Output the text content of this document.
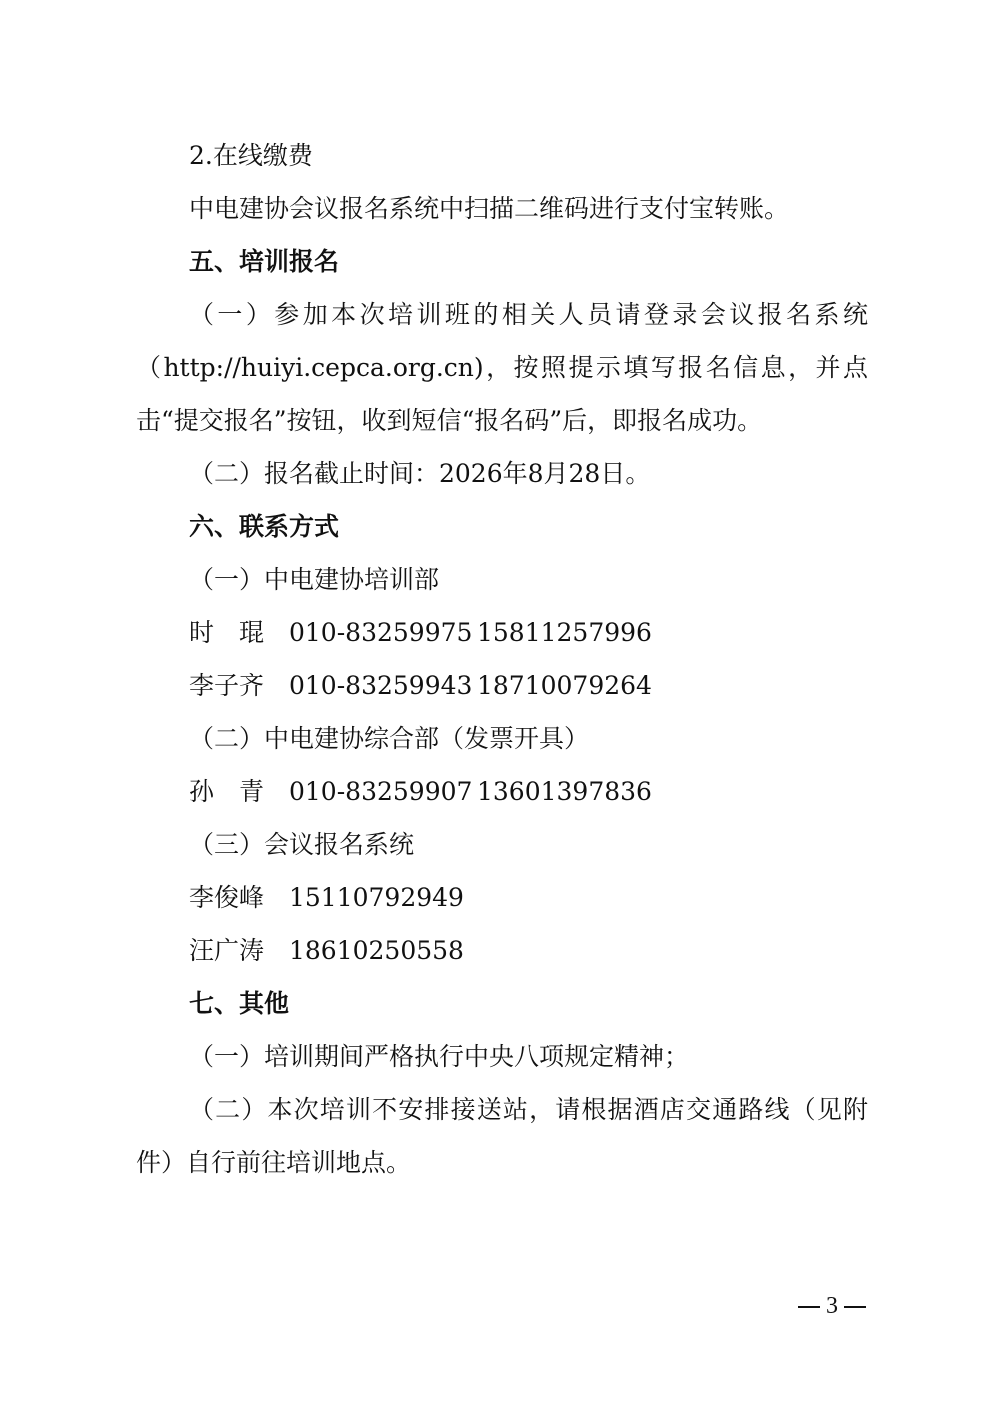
2.在线缴费
中电建协会议报名系统中扫描二维码进行支付宝转账。
五、培训报名
（一）参加本次培训班的相关人员请登录会议报名系统
（http://huiyi.cepca.org.cn)，按照提示填写报名信息，并点
击“提交报名”按钮，收到短信“报名码”后，即报名成功。
（二）报名截止时间：2026年8月28日。
六、联系方式
（一）中电建协培训部
时　琨 010-83259975 15811257996
李子齐 010-83259943 18710079264
（二）中电建协综合部（发票开具）
孙　青 010-83259907 13601397836
（三）会议报名系统
李俊峰 15110792949
汪广涛 18610250558
七、其他
（一）培训期间严格执行中央八项规定精神；
（二）本次培训不安排接送站，请根据酒店交通路线（见附
件）自行前往培训地点。
3
